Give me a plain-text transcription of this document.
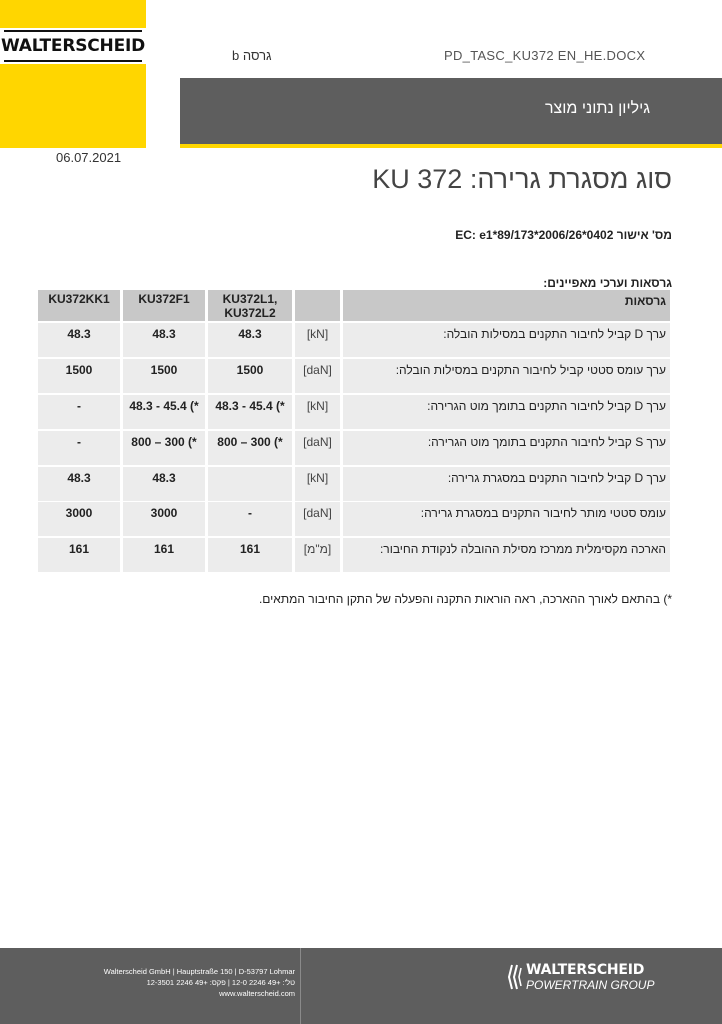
WALTERSCHEID
06.07.2021
גרסה b	PD_TASC_KU372 EN_HE.DOCX
גיליון נתוני מוצר
סוג מסגרת גרירה: KU 372
מס' אישור EC: e1*89/173*2006/26*0402
גרסאות וערכי מאפיינים:
גרסאות
KU372L1, KU372L2
KU372F1
KU372KK1
ערך D קביל לחיבור התקנים במסילות הובלה:
[kN]
48.3
48.3
48.3
ערך עומס סטטי קביל לחיבור התקנים במסילות הובלה:
[daN]
1500
1500
1500
ערך D קביל לחיבור התקנים בתומך מוט הגרירה:
[kN]
48.3 - 45.4 (*
48.3 - 45.4 (*
-
ערך S קביל לחיבור התקנים בתומך מוט הגרירה:
[daN]
800 – 300 (*
800 – 300 (*
-
ערך D קביל לחיבור התקנים במסגרת גרירה:
[kN]
48.3
48.3
עומס סטטי מותר לחיבור התקנים במסגרת גרירה:
[daN]
-
3000
3000
הארכה מקסימלית ממרכז מסילת ההובלה לנקודת החיבור:
[מ"מ]
161
161
161
*) בהתאם לאורך ההארכה, ראה הוראות התקנה והפעלה של התקן החיבור המתאים.
Walterscheid GmbH | Hauptstraße 150 | D-53797 Lohmar
טל': +49 2246 12-0 | פקס: +49 2246 12-3501
www.walterscheid.com
WALTERSCHEID
POWERTRAIN GROUP
